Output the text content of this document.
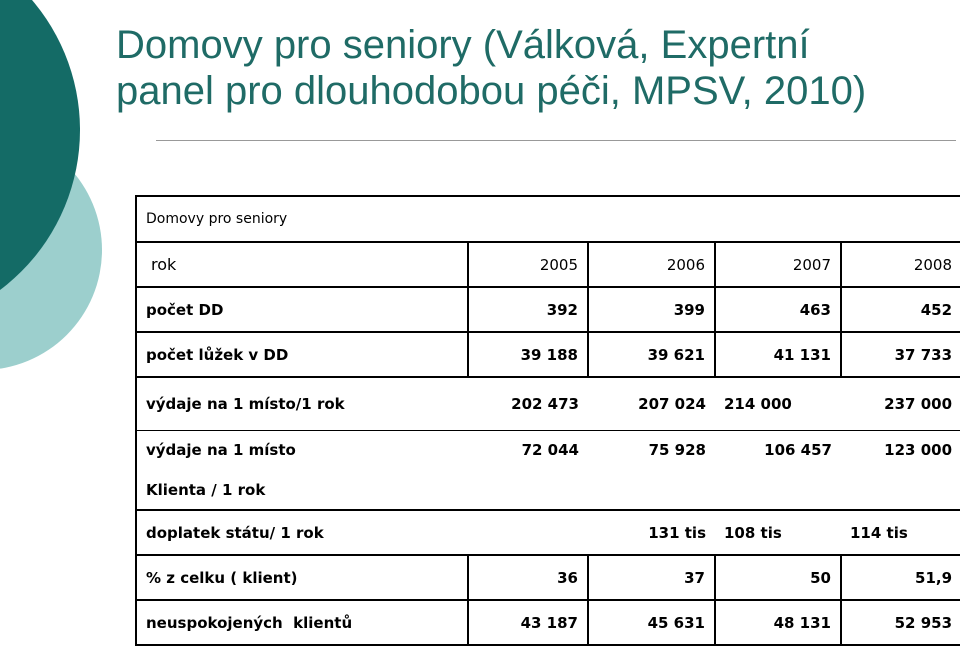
Domovy pro seniory (Válková, Expertní
panel pro dlouhodobou péči, MPSV, 2010)
Domovy pro seniory				
rok	2005	2006	2007	2008
počet DD	392	399	463	452
počet lůžek v DD	39 188	39 621	41 131	37 733
výdaje na 1 místo/1 rok	202 473	207 024	214 000	237 000
výdaje na 1 místo	72 044	75 928	106 457	123 000
Klienta / 1 rok				
doplatek státu/ 1 rok		131 tis	108 tis	114 tis
% z celku ( klient)	36	37	50	51,9
neuspokojených  klientů	43 187	45 631	48 131	52 953
